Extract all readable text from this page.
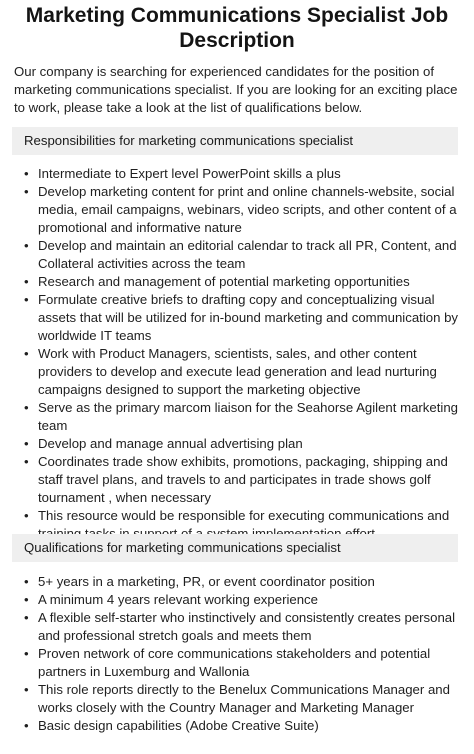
Marketing Communications Specialist Job Description

Our company is searching for experienced candidates for the position of marketing communications specialist. If you are looking for an exciting place to work, please take a look at the list of qualifications below.

Responsibilities for marketing communications specialist
• Intermediate to Expert level PowerPoint skills a plus
• Develop marketing content for print and online channels-website, social media, email campaigns, webinars, video scripts, and other content of a promotional and informative nature
• Develop and maintain an editorial calendar to track all PR, Content, and Collateral activities across the team
• Research and management of potential marketing opportunities
• Formulate creative briefs to drafting copy and conceptualizing visual assets that will be utilized for in-bound marketing and communication by worldwide IT teams
• Work with Product Managers, scientists, sales, and other content providers to develop and execute lead generation and lead nurturing campaigns designed to support the marketing objective
• Serve as the primary marcom liaison for the Seahorse Agilent marketing team
• Develop and manage annual advertising plan
• Coordinates trade show exhibits, promotions, packaging, shipping and staff travel plans, and travels to and participates in trade shows golf tournament , when necessary
• This resource would be responsible for executing communications and
Qualifications for marketing communications specialist
• 5+ years in a marketing, PR, or event coordinator position
• A minimum 4 years relevant working experience
• A flexible self-starter who instinctively and consistently creates personal and professional stretch goals and meets them
• Proven network of core communications stakeholders and potential partners in Luxemburg and Wallonia
• This role reports directly to the Benelux Communications Manager and works closely with the Country Manager and Marketing Manager
• Basic design capabilities (Adobe Creative Suite)
